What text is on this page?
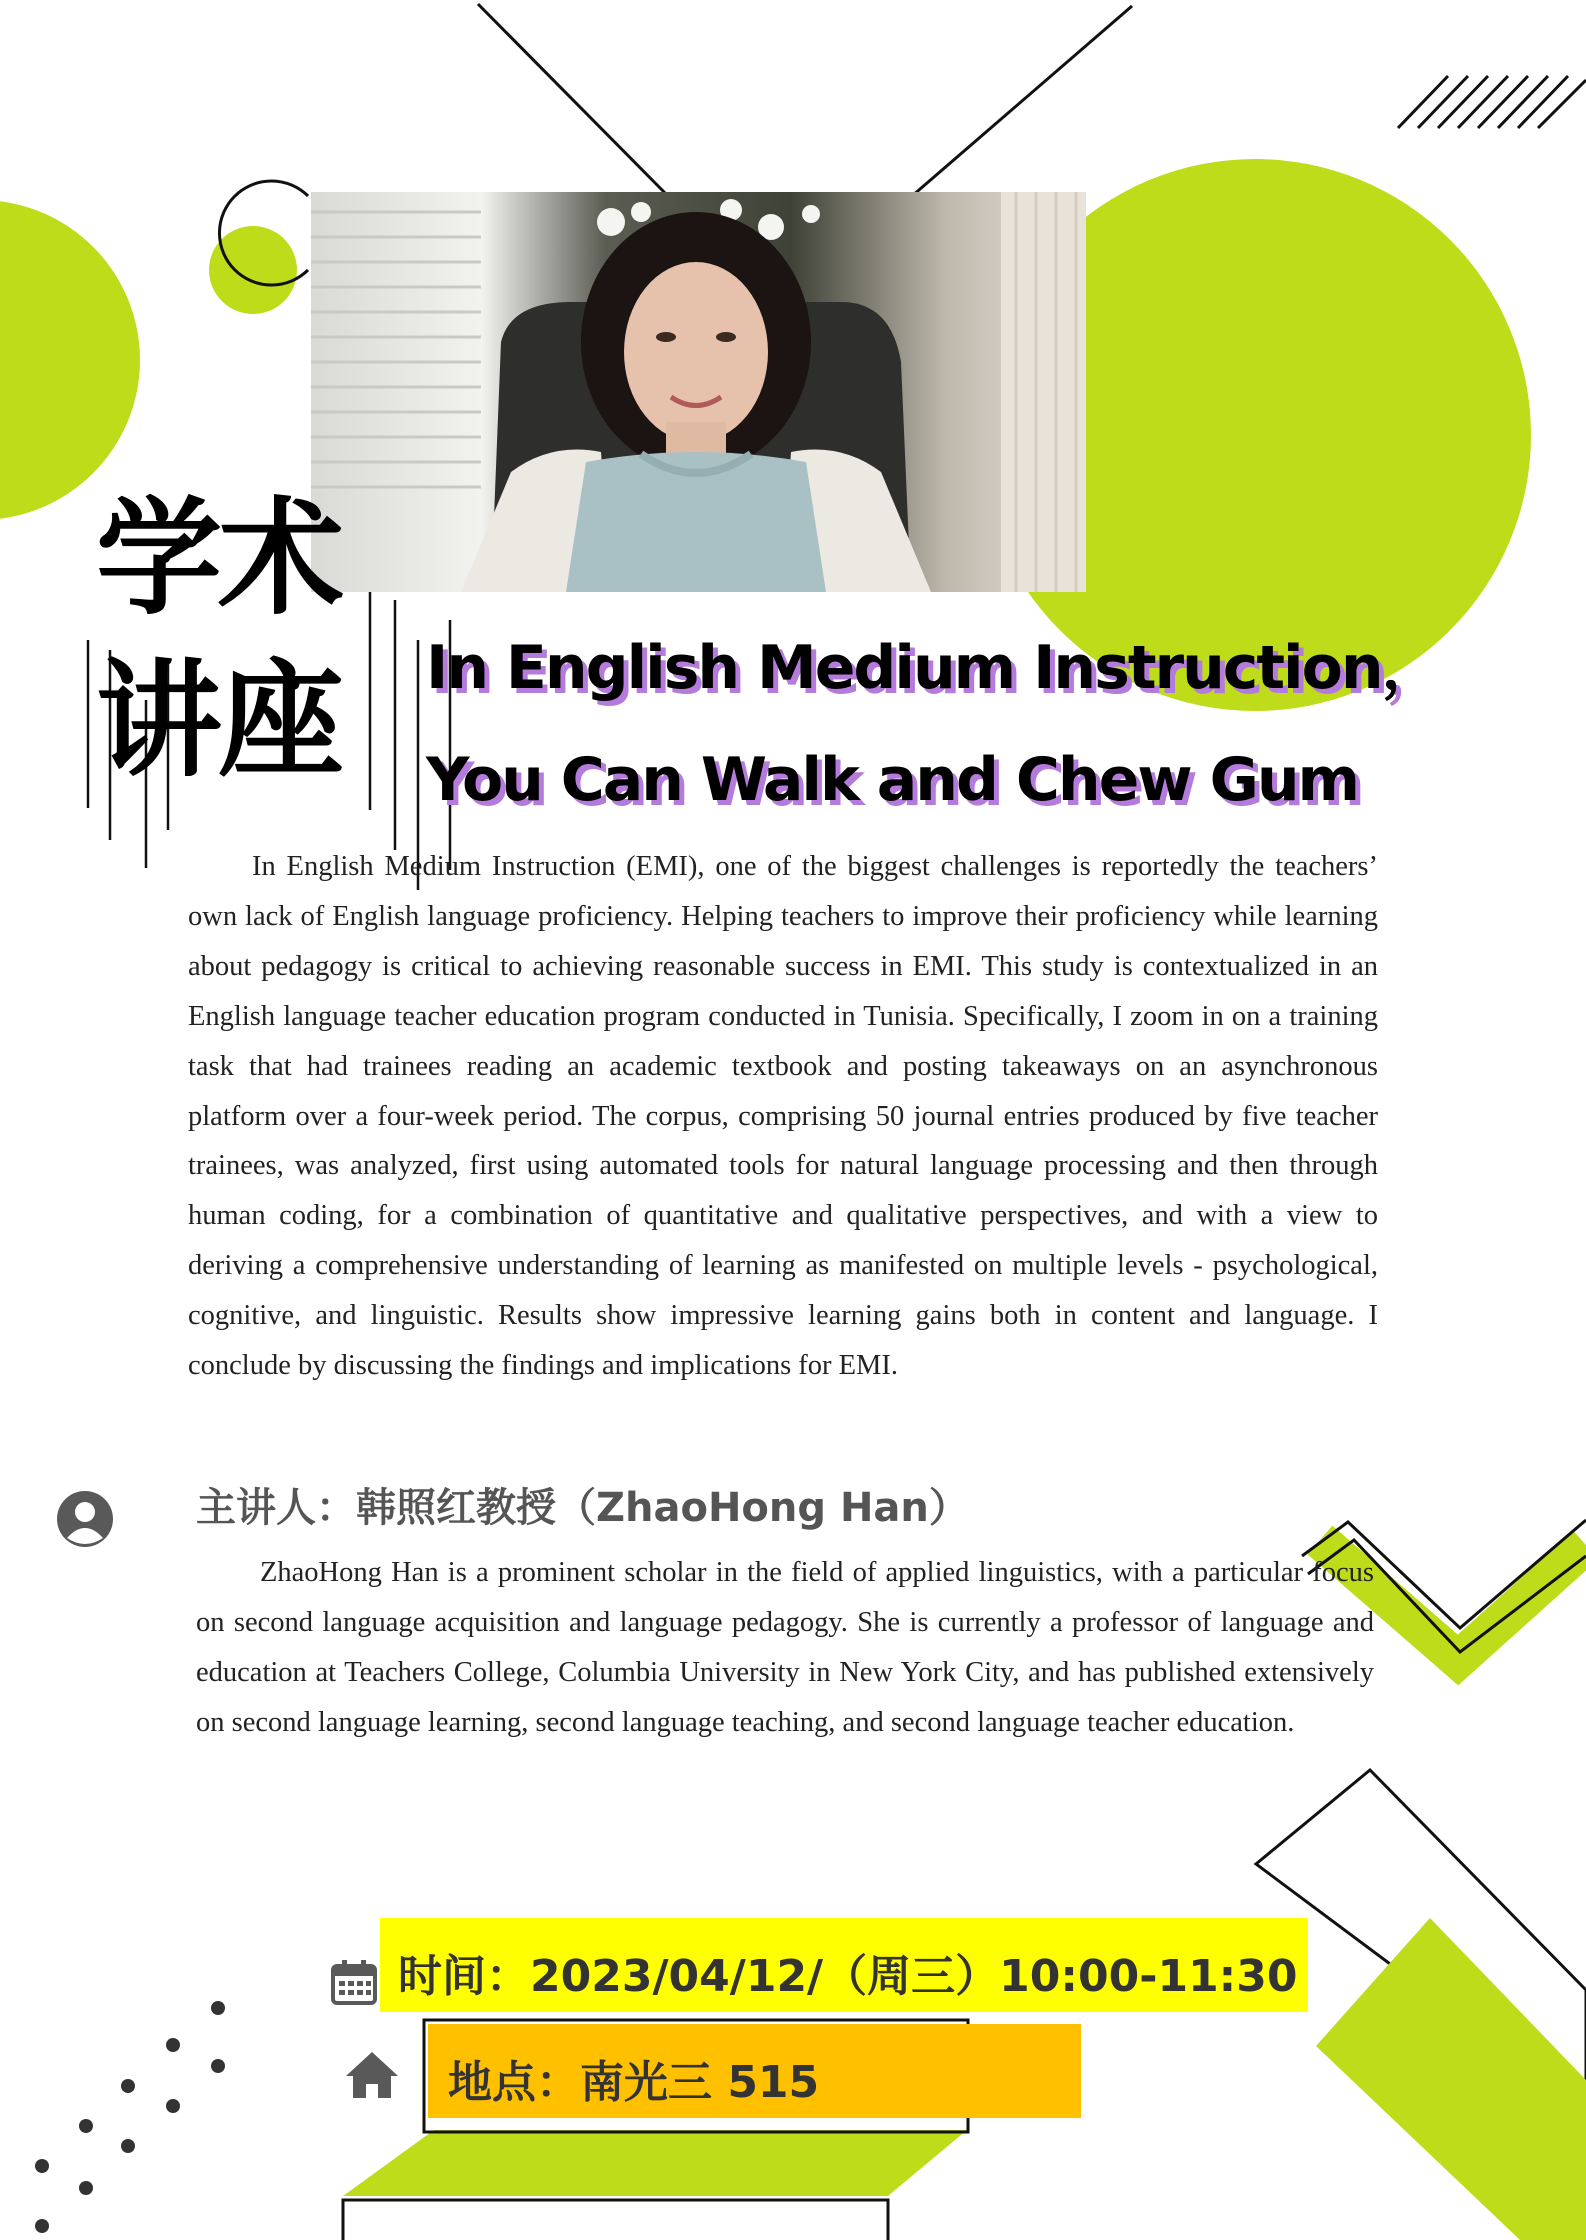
学术
讲座	In English Medium Instruction，
You Can Walk and Chew Gum
In English Medium Instruction (EMI), one of the biggest challenges is reportedly the teachers’ own lack of English language proficiency. Helping teachers to improve their proficiency while learning about pedagogy is critical to achieving reasonable success in EMI. This study is contextualized in an English language teacher education program conducted in Tunisia. Specifically, I zoom in on a training task that had trainees reading an academic textbook and posting takeaways on an asynchronous platform over a four-week period. The corpus, comprising 50 journal entries produced by five teacher trainees, was analyzed, first using automated tools for natural language processing and then through human coding, for a combination of quantitative and qualitative perspectives, and with a view to deriving a comprehensive understanding of learning as manifested on multiple levels - psychological, cognitive, and linguistic. Results show impressive learning gains both in content and language. I conclude by discussing the findings and implications for EMI.
主讲人：韩照红教授（ZhaoHong Han）
ZhaoHong Han is a prominent scholar in the field of applied linguistics, with a particular focus on second language acquisition and language pedagogy. She is currently a professor of language and education at Teachers College, Columbia University in New York City, and has published extensively on second language learning, second language teaching, and second language teacher education.
时间：2023/04/12/（周三）10:00-11:30
地点：南光三 515
